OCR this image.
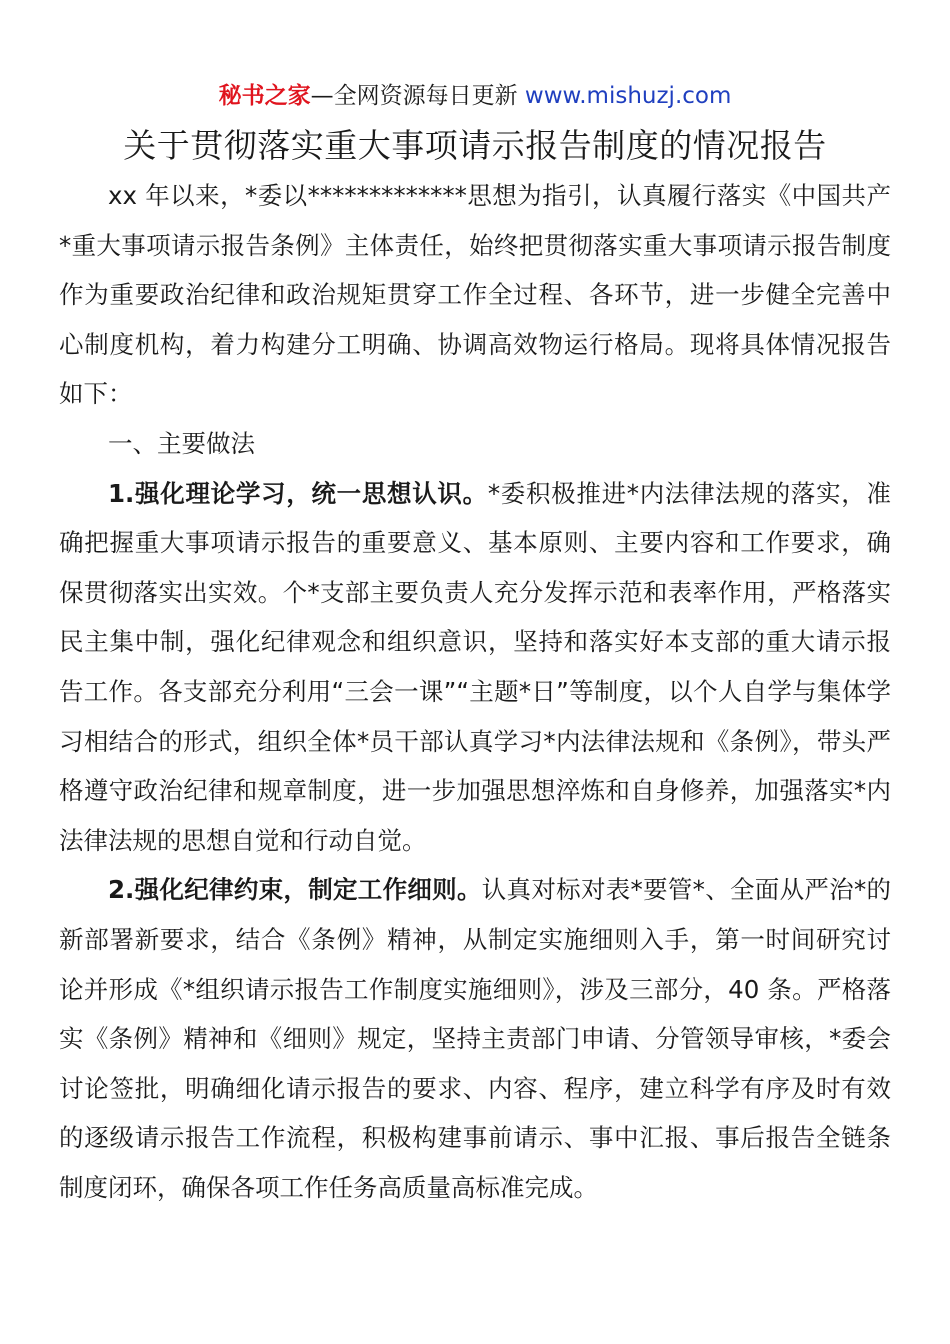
秘书之家—全网资源每日更新 www.mishuzj.com
关于贯彻落实重大事项请示报告制度的情况报告

xx 年以来，*委以*************思想为指引，认真履行落实《中国共产*重大事项请示报告条例》主体责任，始终把贯彻落实重大事项请示报告制度作为重要政治纪律和政治规矩贯穿工作全过程、各环节，进一步健全完善中心制度机构，着力构建分工明确、协调高效物运行格局。现将具体情况报告如下：

一、主要做法

1.强化理论学习，统一思想认识。*委积极推进*内法律法规的落实，准确把握重大事项请示报告的重要意义、基本原则、主要内容和工作要求，确保贯彻落实出实效。个*支部主要负责人充分发挥示范和表率作用，严格落实民主集中制，强化纪律观念和组织意识，坚持和落实好本支部的重大请示报告工作。各支部充分利用“三会一课”“主题*日”等制度，以个人自学与集体学习相结合的形式，组织全体*员干部认真学习*内法律法规和《条例》，带头严格遵守政治纪律和规章制度，进一步加强思想淬炼和自身修养，加强落实*内法律法规的思想自觉和行动自觉。

2.强化纪律约束，制定工作细则。认真对标对表*要管*、全面从严治*的新部署新要求，结合《条例》精神，从制定实施细则入手，第一时间研究讨论并形成《*组织请示报告工作制度实施细则》，涉及三部分，40 条。严格落实《条例》精神和《细则》规定，坚持主责部门申请、分管领导审核，*委会讨论签批，明确细化请示报告的要求、内容、程序，建立科学有序及时有效的逐级请示报告工作流程，积极构建事前请示、事中汇报、事后报告全链条制度闭环，确保各项工作任务高质量高标准完成。
